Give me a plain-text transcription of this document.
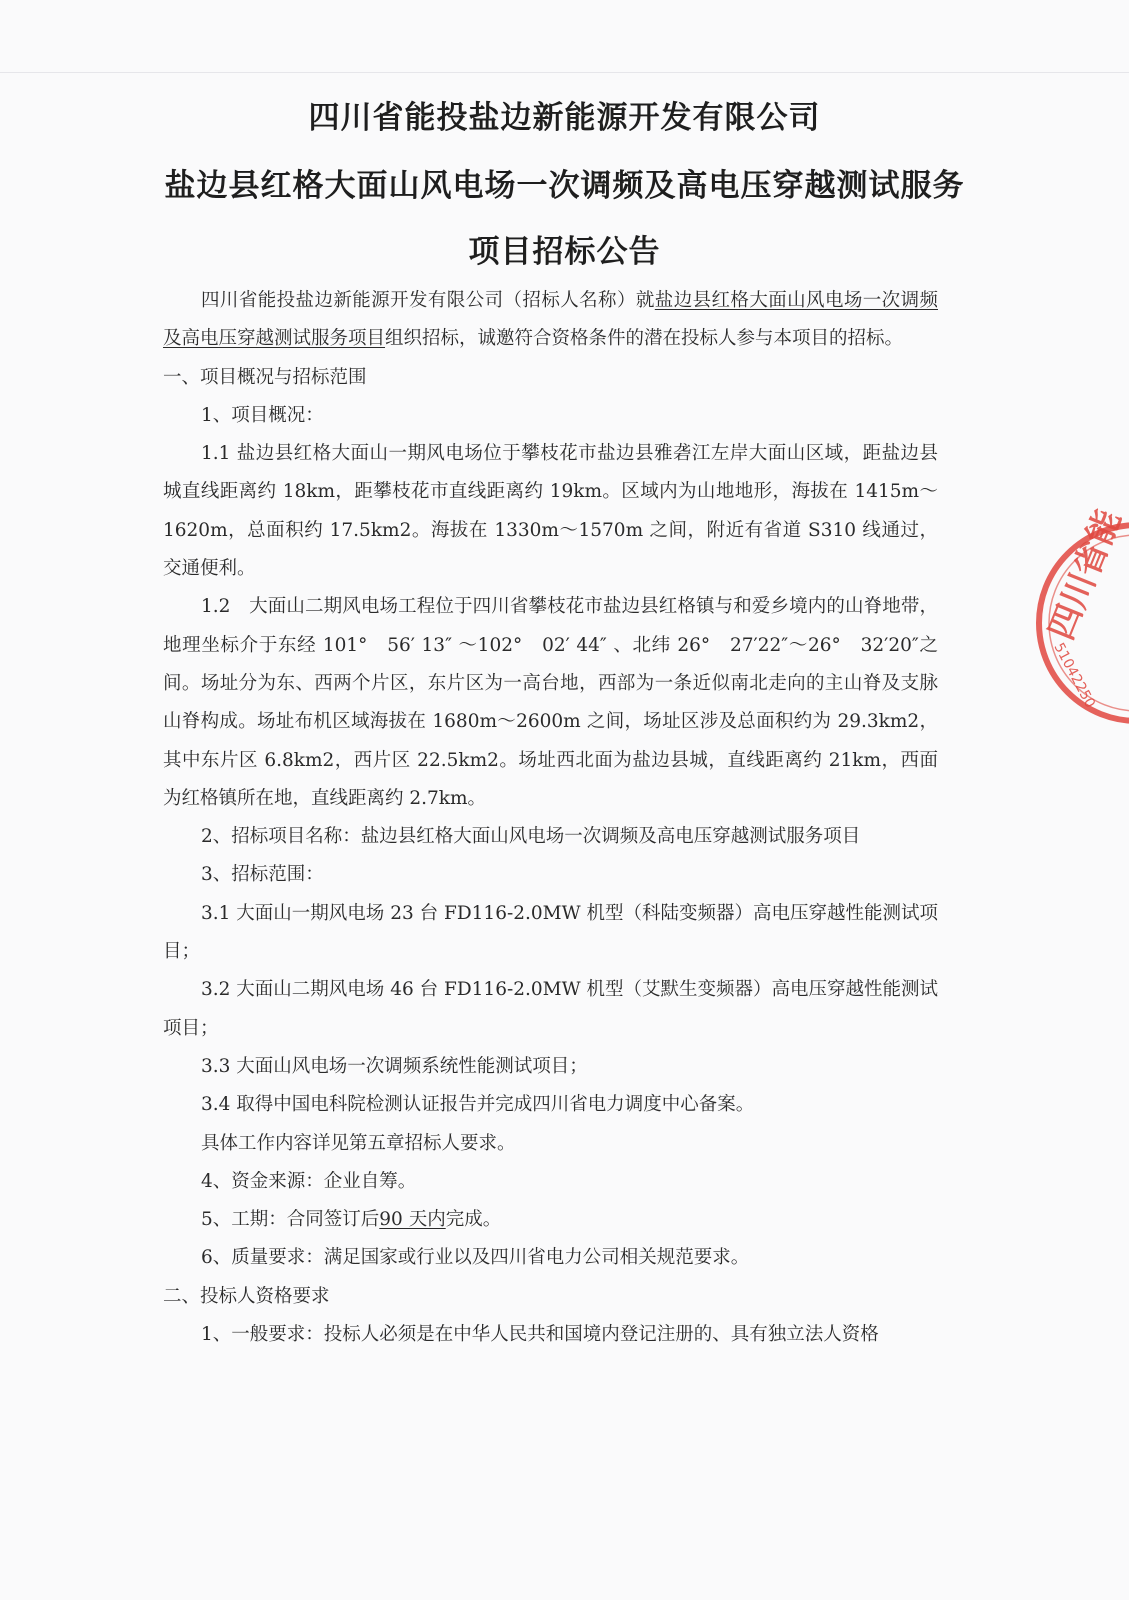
四川省能投盐边新能源开发有限公司
盐边县红格大面山风电场一次调频及高电压穿越测试服务
项目招标公告

四川省能投盐边新能源开发有限公司（招标人名称）就盐边县红格大面山风电场一次调频及高电压穿越测试服务项目组织招标，诚邀符合资格条件的潜在投标人参与本项目的招标。

一、项目概况与招标范围

1、项目概况：

1.1 盐边县红格大面山一期风电场位于攀枝花市盐边县雅砻江左岸大面山区域，距盐边县城直线距离约 18km，距攀枝花市直线距离约 19km。区域内为山地地形，海拔在 1415m～1620m，总面积约 17.5km2。海拔在 1330m～1570m 之间，附近有省道 S310 线通过，交通便利。

1.2　大面山二期风电场工程位于四川省攀枝花市盐边县红格镇与和爱乡境内的山脊地带，地理坐标介于东经 101°　56′ 13″ ～102°　02′ 44″ 、北纬 26°　27′22″～26°　32′20″之间。场址分为东、西两个片区，东片区为一高台地，西部为一条近似南北走向的主山脊及支脉山脊构成。场址布机区域海拔在 1680m～2600m 之间，场址区涉及总面积约为 29.3km2，其中东片区 6.8km2，西片区 22.5km2。场址西北面为盐边县城，直线距离约 21km，西面为红格镇所在地，直线距离约 2.7km。

2、招标项目名称：盐边县红格大面山风电场一次调频及高电压穿越测试服务项目

3、招标范围：

3.1 大面山一期风电场 23 台 FD116-2.0MW 机型（科陆变频器）高电压穿越性能测试项目；

3.2 大面山二期风电场 46 台 FD116-2.0MW 机型（艾默生变频器）高电压穿越性能测试项目；

3.3 大面山风电场一次调频系统性能测试项目；

3.4 取得中国电科院检测认证报告并完成四川省电力调度中心备案。

具体工作内容详见第五章招标人要求。

4、资金来源：企业自筹。

5、工期：合同签订后90 天内完成。

6、质量要求：满足国家或行业以及四川省电力公司相关规范要求。

二、投标人资格要求

1、一般要求：投标人必须是在中华人民共和国境内登记注册的、具有独立法人资格

四川省能
51042250
